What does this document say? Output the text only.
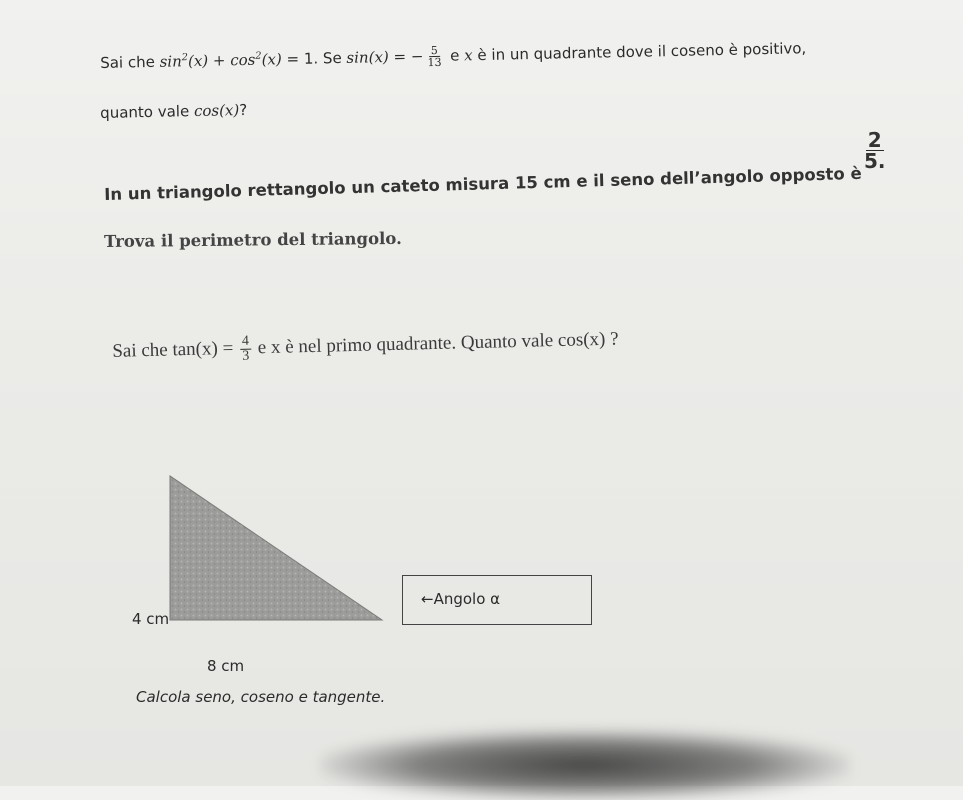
Sai che $\sin^2(x) + \cos^2(x) = 1$. Se sin(x) = − $\frac{5}{13}$ e x è in un quadrante dove il coseno è positivo,
quanto vale cos(x)?
In un triangolo rettangolo un cateto misura 15 cm e il seno dell’angolo opposto è
$\frac{2}{5.}$
Trova il perimetro del triangolo.
Sai che $\tan(x) = \frac{4}{3}$ e x è nel primo quadrante. Quanto vale cos(x) ?
4 cm
8 cm
←Angolo α
Calcola seno, coseno e tangente.
